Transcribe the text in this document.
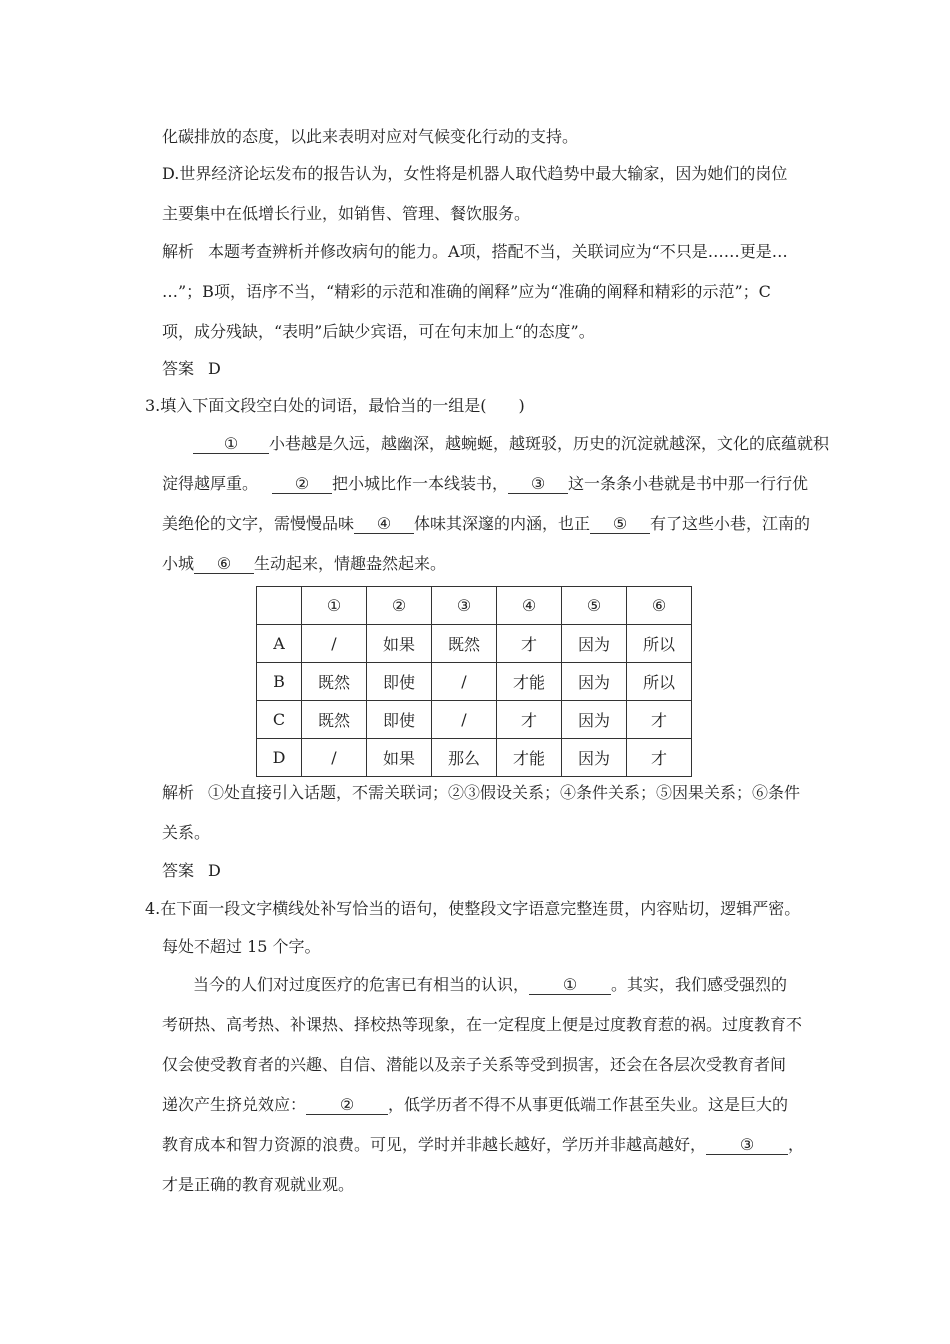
化碳排放的态度，以此来表明对应对气候变化行动的支持。
D.世界经济论坛发布的报告认为，女性将是机器人取代趋势中最大输家，因为她们的岗位
主要集中在低增长行业，如销售、管理、餐饮服务。
解析 本题考查辨析并修改病句的能力。A项，搭配不当，关联词应为“不只是……更是…
…”；B项，语序不当，“精彩的示范和准确的阐释”应为“准确的阐释和精彩的示范”；C
项，成分残缺，“表明”后缺少宾语，可在句末加上“的态度”。
答案 D
3.填入下面文段空白处的词语，最恰当的一组是(　　)
① 小巷越是久远，越幽深，越蜿蜒，越斑驳，历史的沉淀就越深，文化的底蕴就积
淀得越厚重。 ② 把小城比作一本线装书， ③ 这一条条小巷就是书中那一行行优
美绝伦的文字，需慢慢品味 ④ 体味其深邃的内涵，也正 ⑤ 有了这些小巷，江南的
小城 ⑥ 生动起来，情趣盎然起来。
	①	②	③	④	⑤	⑥
A	/	如果	既然	才	因为	所以
B	既然	即使	/	才能	因为	所以
C	既然	即使	/	才	因为	才
D	/	如果	那么	才能	因为	才
解析 ①处直接引入话题，不需关联词；②③假设关系；④条件关系；⑤因果关系；⑥条件
关系。
答案 D
4.在下面一段文字横线处补写恰当的语句，使整段文字语意完整连贯，内容贴切，逻辑严密。
每处不超过 15 个字。
当今的人们对过度医疗的危害已有相当的认识， ① 。其实，我们感受强烈的
考研热、高考热、补课热、择校热等现象，在一定程度上便是过度教育惹的祸。过度教育不
仅会使受教育者的兴趣、自信、潜能以及亲子关系等受到损害，还会在各层次受教育者间
递次产生挤兑效应： ② ，低学历者不得不从事更低端工作甚至失业。这是巨大的
教育成本和智力资源的浪费。可见，学时并非越长越好，学历并非越高越好， ③ ，
才是正确的教育观就业观。
